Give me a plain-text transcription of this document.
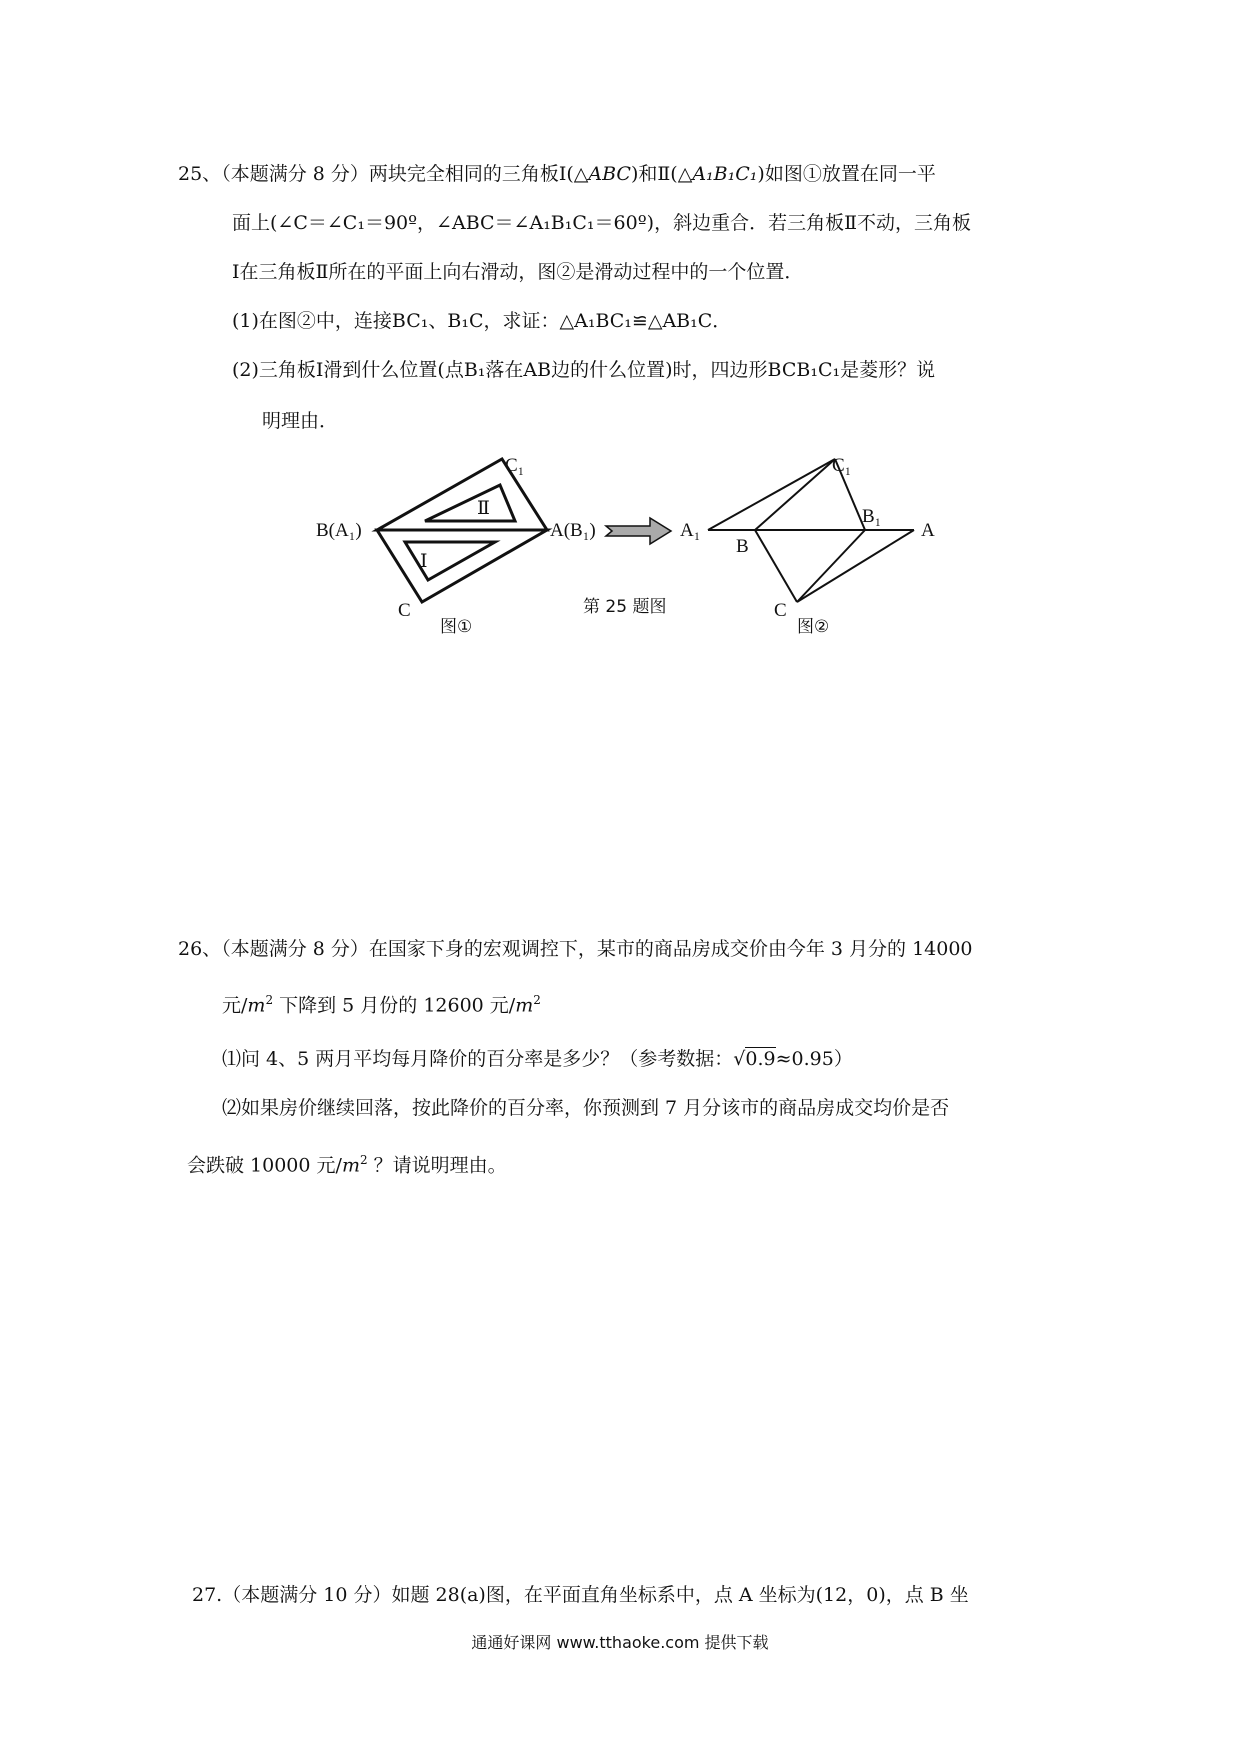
25、（本题满分 8 分）两块完全相同的三角板Ⅰ(△ABC)和Ⅱ(△A₁B₁C₁)如图①放置在同一平
面上(∠C＝∠C₁＝90º，∠ABC＝∠A₁B₁C₁＝60º)，斜边重合．若三角板Ⅱ不动，三角板
Ⅰ在三角板Ⅱ所在的平面上向右滑动，图②是滑动过程中的一个位置．
(1)在图②中，连接BC₁、B₁C，求证：△A₁BC₁≌△AB₁C．
(2)三角板Ⅰ滑到什么位置(点B₁落在AB边的什么位置)时，四边形BCB₁C₁是菱形？说
明理由．
C₁
Ⅱ
Ⅰ
B(A₁)	A(B₁)
C
图①
第 25 题图
C₁
A₁
B
B₁
A
C
图②
26、（本题满分 8 分）在国家下身的宏观调控下，某市的商品房成交价由今年 3 月分的 14000
元$/m^2$ 下降到 5 月份的 12600 元$/m^2$
⑴问 4、5 两月平均每月降价的百分率是多少？（参考数据：√0.9≈0.95）
⑵如果房价继续回落，按此降价的百分率，你预测到 7 月分该市的商品房成交均价是否
会跌破 10000 元$/m^2$ ？请说明理由。
27.（本题满分 10 分）如题 28(a)图，在平面直角坐标系中，点 A 坐标为(12，0)，点 B 坐
通通好课网 www.tthaoke.com 提供下载
